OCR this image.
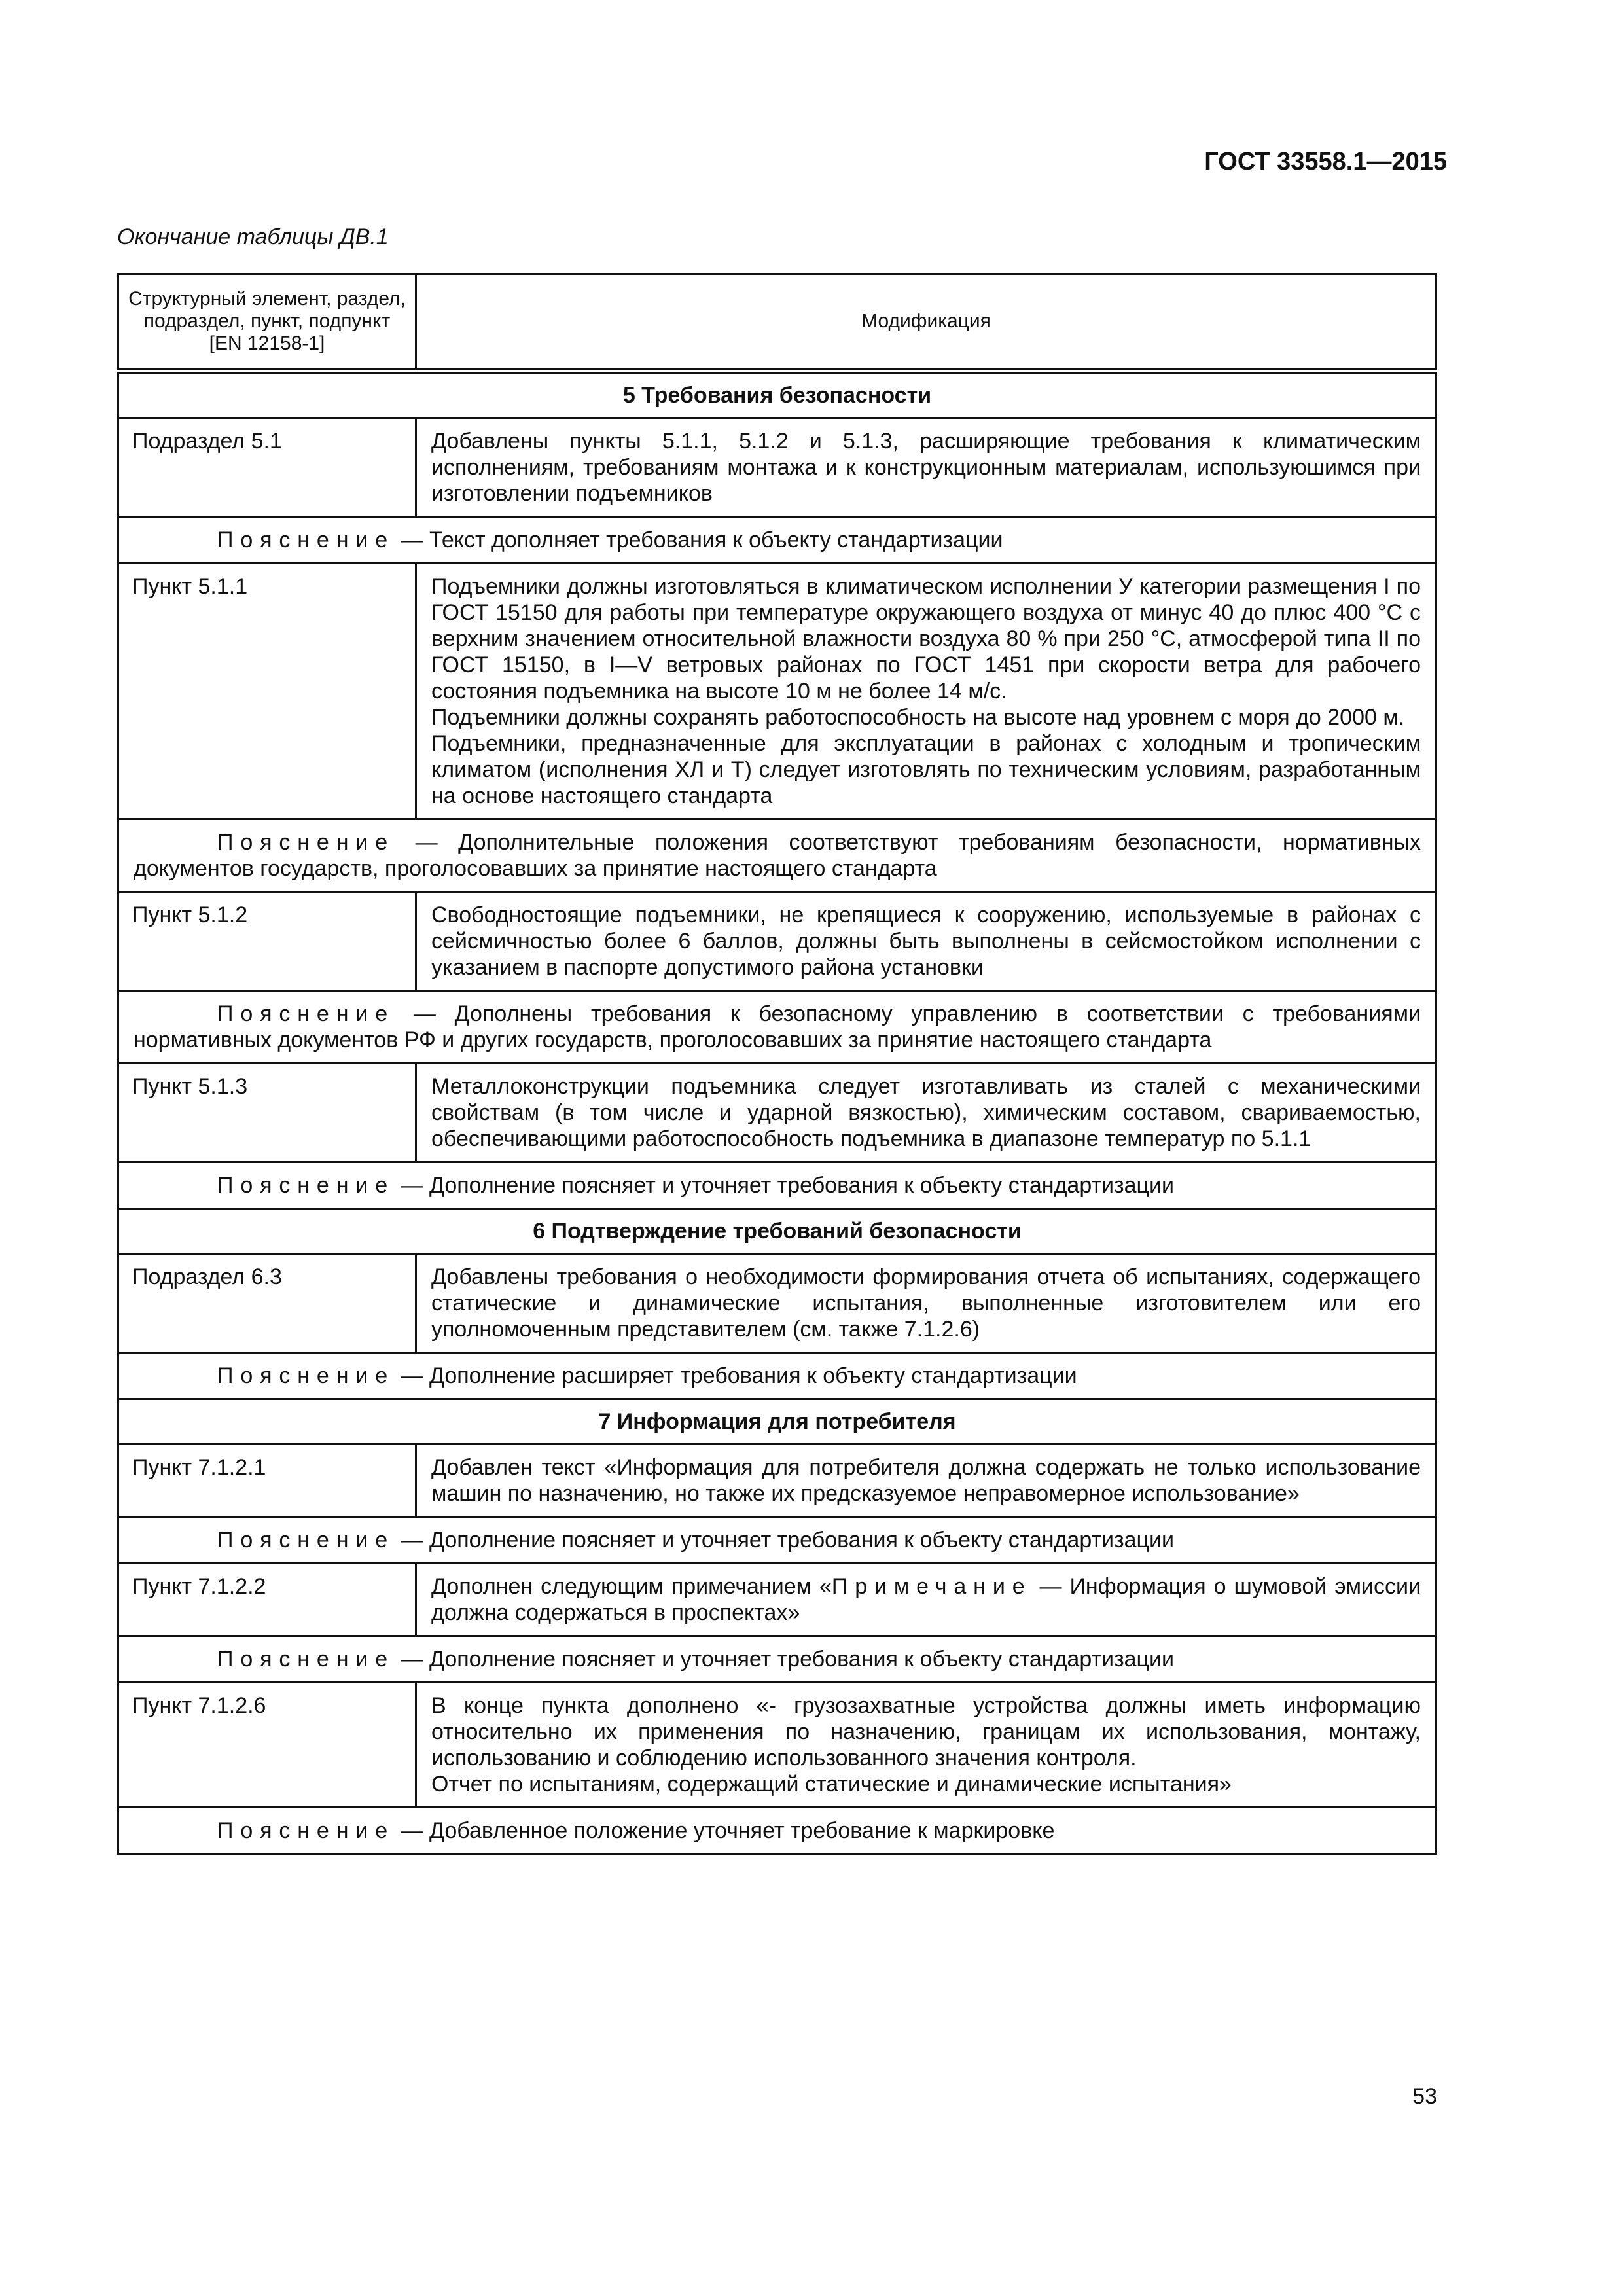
ГОСТ 33558.1—2015
Окончание таблицы ДВ.1
Структурный элемент, раздел, подраздел, пункт, подпункт [EN 12158-1]	Модификация
5 Требования безопасности	
Подраздел 5.1	Добавлены пункты 5.1.1, 5.1.2 и 5.1.3, расширяющие требования к климатическим исполнениям, требованиям монтажа и к конструкционным материалам, используюшимся при изготовлении подъемников

Пояснение — Текст дополняет требования к объекту стандартизации	

Пункт 5.1.1	Подъемники должны изготовляться в климатическом исполнении У категории размещения I по ГОСТ 15150 для работы при температуре окружающего воздуха от минус 40 до плюс 400 °С с верхним значением относительной влажности воздуха 80 % при 250 °С, атмосферой типа II по ГОСТ 15150, в I—V ветровых районах по ГОСТ 1451 при скорости ветра для рабочего состояния подъемника на высоте 10 м не более 14 м/с.
Подъемники должны сохранять работоспособность на высоте над уровнем с моря до 2000 м.
Подъемники, предназначенные для эксплуатации в районах с холодным и тропическим климатом (исполнения ХЛ и Т) следует изготовлять по техническим условиям, разработанным на основе настоящего стандарта

Пояснение — Дополнительные положения соответствуют требованиям безопасности, нормативных документов государств, проголосовавших за принятие настоящего стандарта	

Пункт 5.1.2	Свободностоящие подъемники, не крепящиеся к сооружению, используемые в районах с сейсмичностью более 6 баллов, должны быть выполнены в сейсмостойком исполнении с указанием в паспорте допустимого района установки

Пояснение — Дополнены требования к безопасному управлению в соответствии с требованиями нормативных документов РФ и других государств, проголосовавших за принятие настоящего стандарта	

Пункт 5.1.3	Металлоконструкции подъемника следует изготавливать из сталей с механическими свойствам (в том числе и ударной вязкостью), химическим составом, свариваемостью, обеспечивающими работоспособность подъемника в диапазоне температур по 5.1.1

Пояснение — Дополнение поясняет и уточняет требования к объекту стандартизации	

6 Подтверждение требований безопасности	
Подраздел 6.3	Добавлены требования о необходимости формирования отчета об испытаниях, содержащего статические и динамические испытания, выполненные изготовителем или его уполномоченным представителем (см. также 7.1.2.6)

Пояснение — Дополнение расширяет требования к объекту стандартизации	

7 Информация для потребителя	
Пункт 7.1.2.1	Добавлен текст «Информация для потребителя должна содержать не только использование машин по назначению, но также их предсказуемое неправомерное использование»

Пояснение — Дополнение поясняет и уточняет требования к объекту стандартизации	

Пункт 7.1.2.2	Дополнен следующим примечанием «Примечание — Информация о шумовой эмиссии должна содержаться в проспектах»

Пояснение — Дополнение поясняет и уточняет требования к объекту стандартизации	

Пункт 7.1.2.6	В конце пункта дополнено «- грузозахватные устройства должны иметь информацию относительно их применения по назначению, границам их использования, монтажу, использованию и соблюдению использованного значения контроля.
Отчет по испытаниям, содержащий статические и динамические испытания»

Пояснение — Добавленное положение уточняет требование к маркировке	
53
